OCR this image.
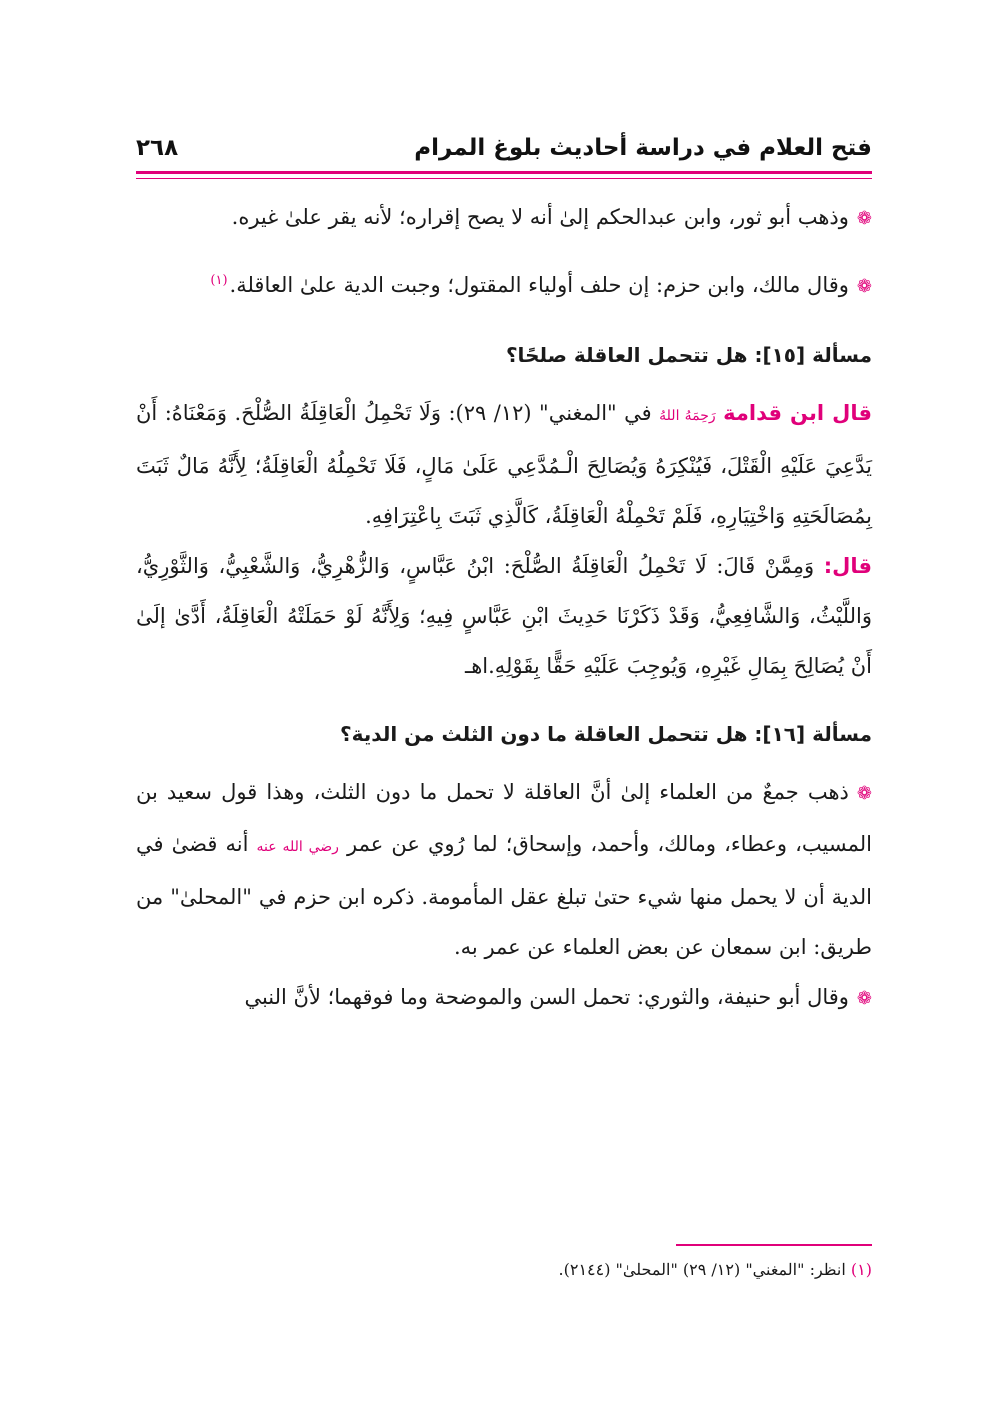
فتح العلام في دراسة أحاديث بلوغ المرام
٢٦٨

❁وذهب أبو ثور، وابن عبدالحكم إلىٰ أنه لا يصح إقراره؛ لأنه يقر علىٰ غيره.

❁وقال مالك، وابن حزم: إن حلف أولياء المقتول؛ وجبت الدية علىٰ العاقلة.$^{(١)}$

مسألة [١٥]: هل تتحمل العاقلة صلحًا؟

قال ابن قدامة رَحِمَهُ اللهُ في "المغني" (١٢/ ٢٩): وَلَا تَحْمِلُ الْعَاقِلَةُ الصُّلْحَ. وَمَعْنَاهُ: أَنْ يَدَّعِيَ عَلَيْهِ الْقَتْلَ، فَيُنْكِرَهُ وَيُصَالِحَ الْـمُدَّعِي عَلَىٰ مَالٍ، فَلَا تَحْمِلُهُ الْعَاقِلَةُ؛ لِأَنَّهُ مَالٌ ثَبَتَ بِمُصَالَحَتِهِ وَاخْتِيَارِهِ، فَلَمْ تَحْمِلْهُ الْعَاقِلَةُ، كَالَّذِي ثَبَتَ بِاعْتِرَافِهِ.

قال: وَمِمَّنْ قَالَ: لَا تَحْمِلُ الْعَاقِلَةُ الصُّلْحَ: ابْنُ عَبَّاسٍ، وَالزُّهْرِيُّ، وَالشَّعْبِيُّ، وَالثَّوْرِيُّ، وَاللَّيْثُ، وَالشَّافِعِيُّ، وَقَدْ ذَكَرْنَا حَدِيثَ ابْنِ عَبَّاسٍ فِيهِ؛ وَلِأَنَّهُ لَوْ حَمَلَتْهُ الْعَاقِلَةُ، أَدَّىٰ إلَىٰ أَنْ يُصَالِحَ بِمَالِ غَيْرِهِ، وَيُوجِبَ عَلَيْهِ حَقًّا بِقَوْلِهِ.اهـ

مسألة [١٦]: هل تتحمل العاقلة ما دون الثلث من الدية؟

❁ذهب جمعٌ من العلماء إلىٰ أنَّ العاقلة لا تحمل ما دون الثلث، وهذا قول سعيد بن المسيب، وعطاء، ومالك، وأحمد، وإسحاق؛ لما رُوي عن عمر رضي الله عنه أنه قضىٰ في الدية أن لا يحمل منها شيء حتىٰ تبلغ عقل المأمومة. ذكره ابن حزم في "المحلىٰ" من طريق: ابن سمعان عن بعض العلماء عن عمر به.

❁وقال أبو حنيفة، والثوري: تحمل السن والموضحة وما فوقهما؛ لأنَّ النبي

(١) انظر: "المغني" (١٢/ ٢٩) "المحلىٰ" (٢١٤٤).
